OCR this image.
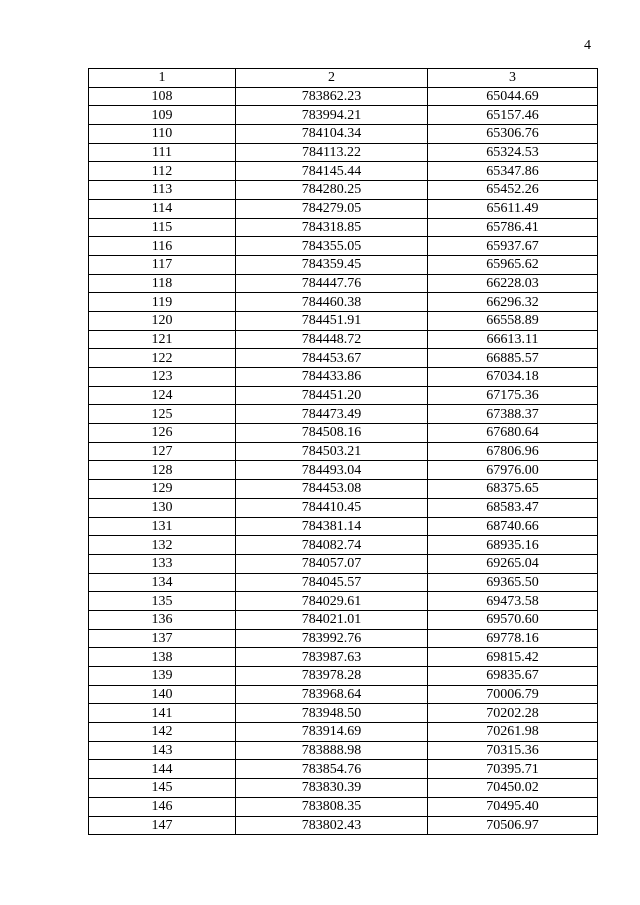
4
1	2	3
108	783862.23	65044.69
109	783994.21	65157.46
110	784104.34	65306.76
111	784113.22	65324.53
112	784145.44	65347.86
113	784280.25	65452.26
114	784279.05	65611.49
115	784318.85	65786.41
116	784355.05	65937.67
117	784359.45	65965.62
118	784447.76	66228.03
119	784460.38	66296.32
120	784451.91	66558.89
121	784448.72	66613.11
122	784453.67	66885.57
123	784433.86	67034.18
124	784451.20	67175.36
125	784473.49	67388.37
126	784508.16	67680.64
127	784503.21	67806.96
128	784493.04	67976.00
129	784453.08	68375.65
130	784410.45	68583.47
131	784381.14	68740.66
132	784082.74	68935.16
133	784057.07	69265.04
134	784045.57	69365.50
135	784029.61	69473.58
136	784021.01	69570.60
137	783992.76	69778.16
138	783987.63	69815.42
139	783978.28	69835.67
140	783968.64	70006.79
141	783948.50	70202.28
142	783914.69	70261.98
143	783888.98	70315.36
144	783854.76	70395.71
145	783830.39	70450.02
146	783808.35	70495.40
147	783802.43	70506.97
